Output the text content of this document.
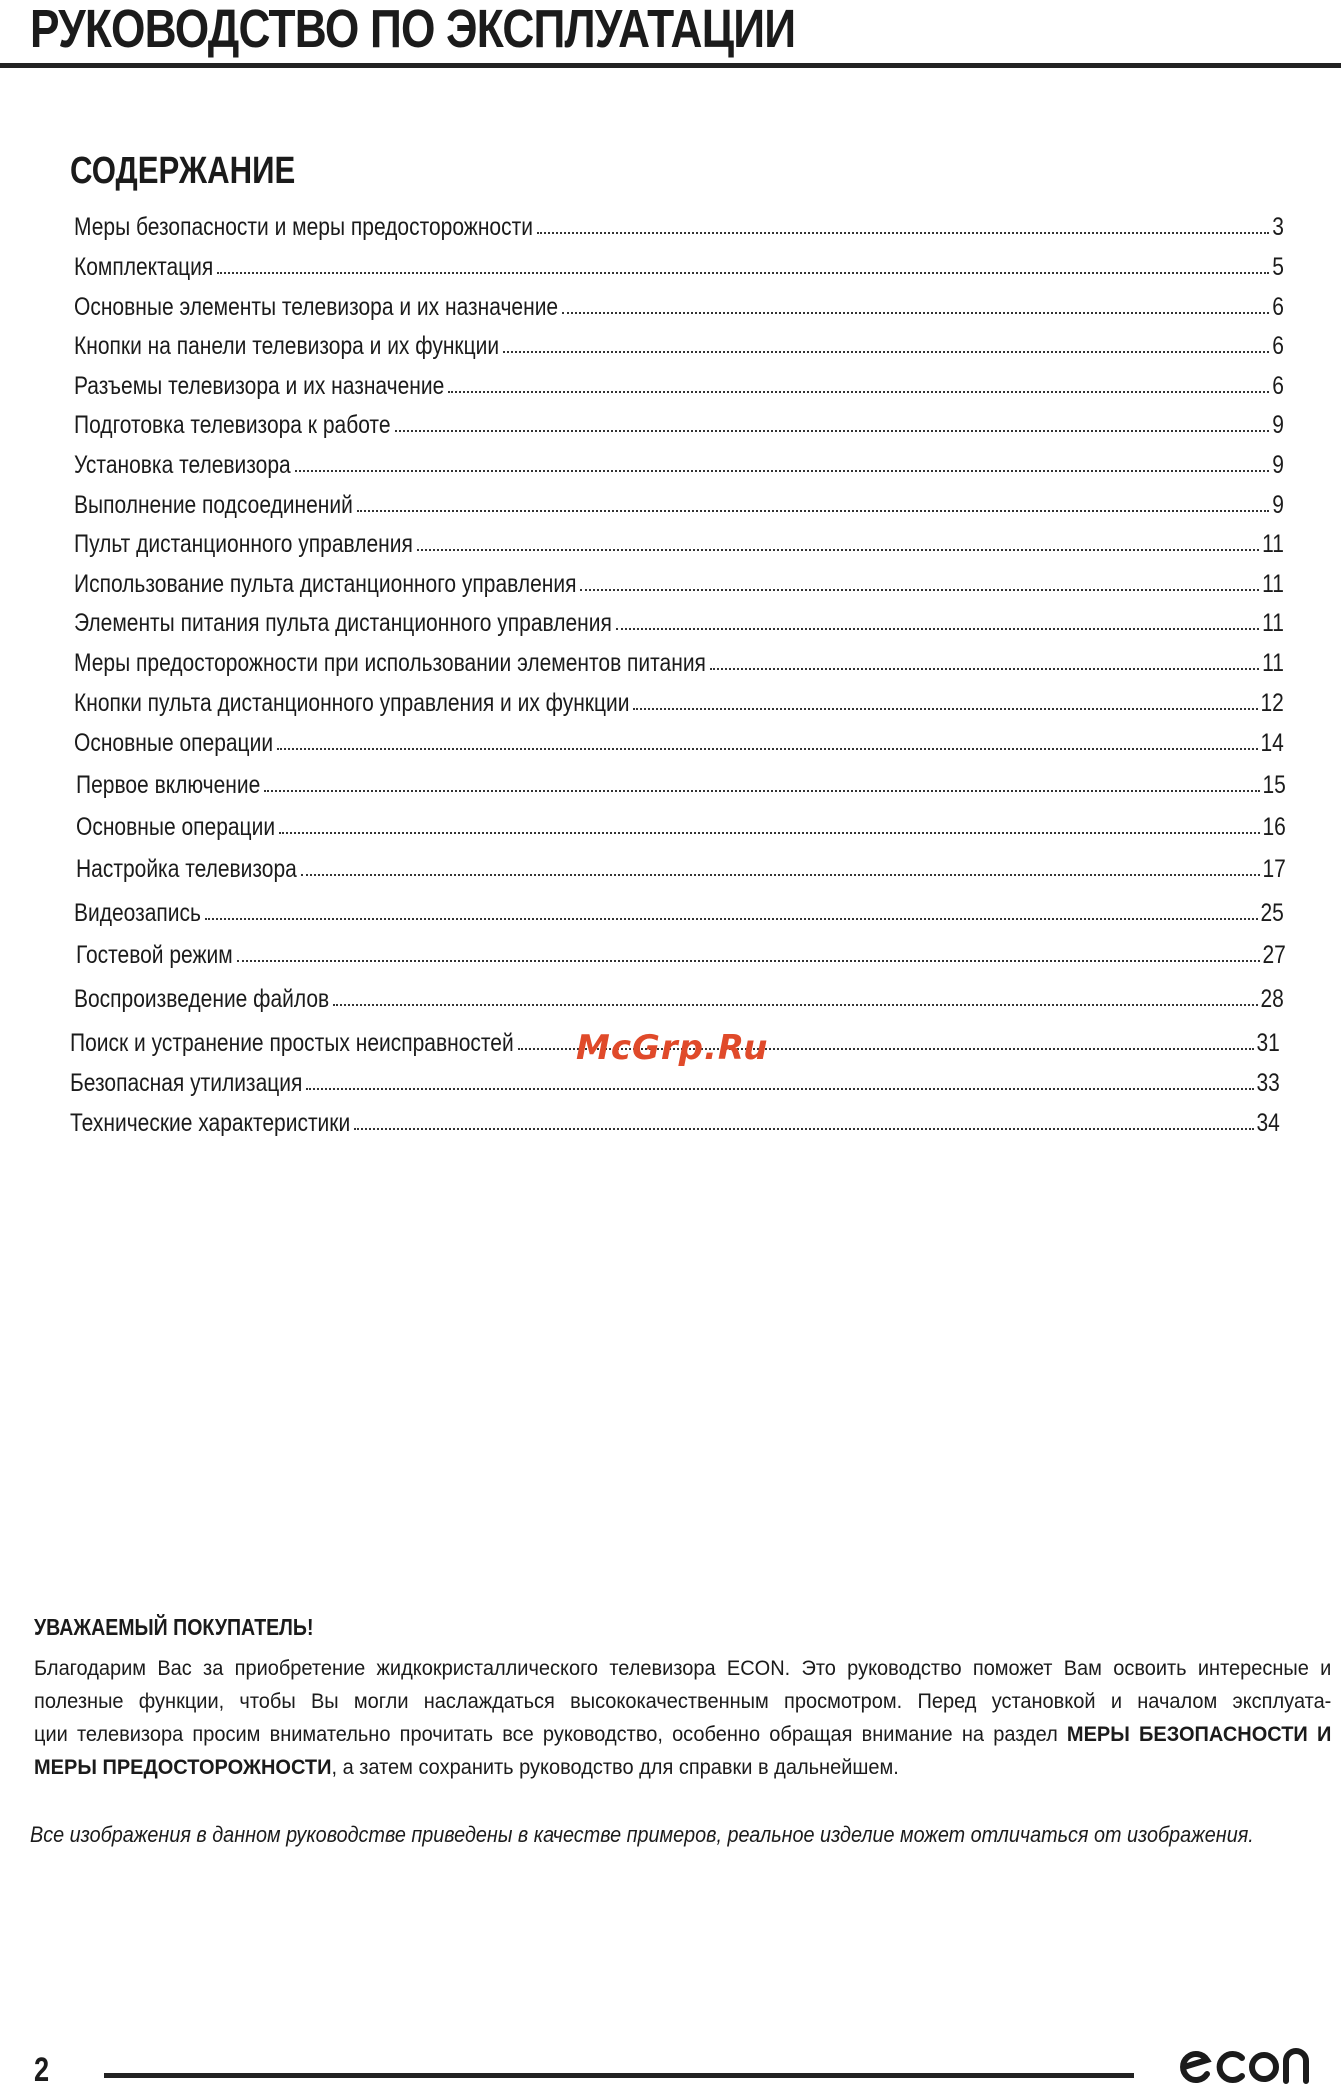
РУКОВОДСТВО ПО ЭКСПЛУАТАЦИИ
СОДЕРЖАНИЕ
Меры безопасности и меры предосторожности	3
Комплектация	5
Основные элементы телевизора и их назначение	6
Кнопки на панели телевизора и их функции	6
Разъемы телевизора и их назначение	6
Подготовка телевизора к работе	9
Установка телевизора	9
Выполнение подсоединений	9
Пульт дистанционного управления	11
Использование пульта дистанционного управления	11
Элементы питания пульта дистанционного управления	11
Меры предосторожности при использовании элементов питания	11
Кнопки пульта дистанционного управления и их функции	12
Основные операции	14
Первое включение	15
Основные операции	16
Настройка телевизора	17
Видеозапись	25
Гостевой режим	27
Воспроизведение файлов	28
Поиск и устранение простых неисправностей	31
Безопасная утилизация	33
Технические характеристики	34
McGrp.Ru
УВАЖАЕМЫЙ ПОКУПАТЕЛЬ!
Благодарим Вас за приобретение жидкокристаллического телевизора ECON. Это руководство поможет Вам освоить интересные и
полезные функции, чтобы Вы могли наслаждаться высококачественным просмотром. Перед установкой и началом эксплуата-
ции телевизора просим внимательно прочитать все руководство, особенно обращая внимание на раздел МЕРЫ БЕЗОПАСНОСТИ И
МЕРЫ ПРЕДОСТОРОЖНОСТИ, а затем сохранить руководство для справки в дальнейшем.
Все изображения в данном руководстве приведены в качестве примеров, реальное изделие может отличаться от изображения.
2
